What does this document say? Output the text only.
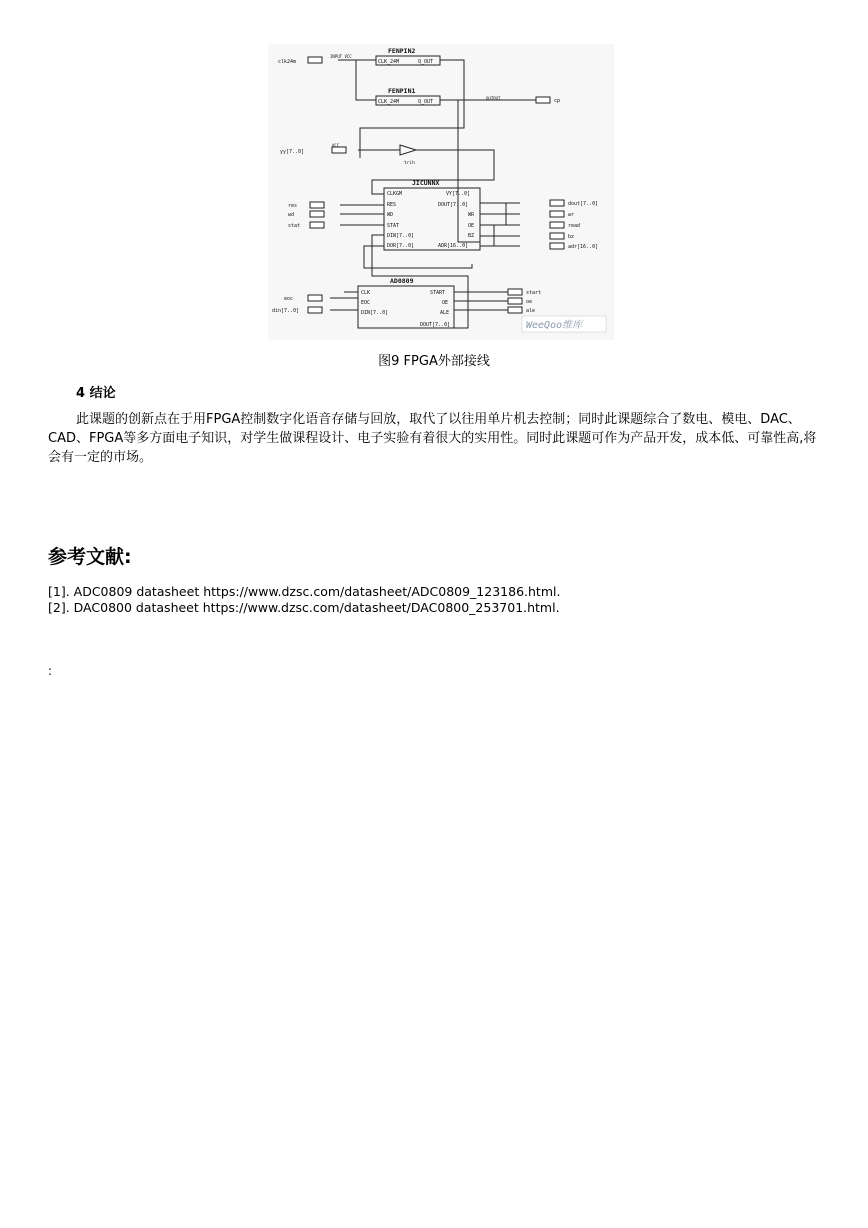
FENPIN2
CLK_24M	Q_OUT
FENPIN1
CLK_24M	Q_OUT
JICUNNX
CLKGM
RES
WD
STAT
DIN[7..0]
DOR[7..0]
VY[7..0]
DOUT[7..0]
WR
OE
BZ
ADR[16..0]
AD0809
CLK
EOC
DIN[7..0]
START
OE
ALE
DOUT[7..0]
clk24m
yy[7..0]
res
wd
stat
eoc
din[7..0]
cp
dout[7..0]
wr
read
bz
adr[16..0]
start
oe
ale
OUTPUT
INPUT VCC
VCC
trih
WeeQoo维库
图9 FPGA外部接线
4 结论

此课题的创新点在于用FPGA控制数字化语音存储与回放，取代了以往用单片机去控制；同时此课题综合了数电、模电、DAC、CAD、FPGA等多方面电子知识，对学生做课程设计、电子实验有着很大的实用性。同时此课题可作为产品开发，成本低、可靠性高,将会有一定的市场。

参考文献:
[1]. ADC0809 datasheet https://www.dzsc.com/datasheet/ADC0809_123186.html.
[2]. DAC0800 datasheet https://www.dzsc.com/datasheet/DAC0800_253701.html.
:
